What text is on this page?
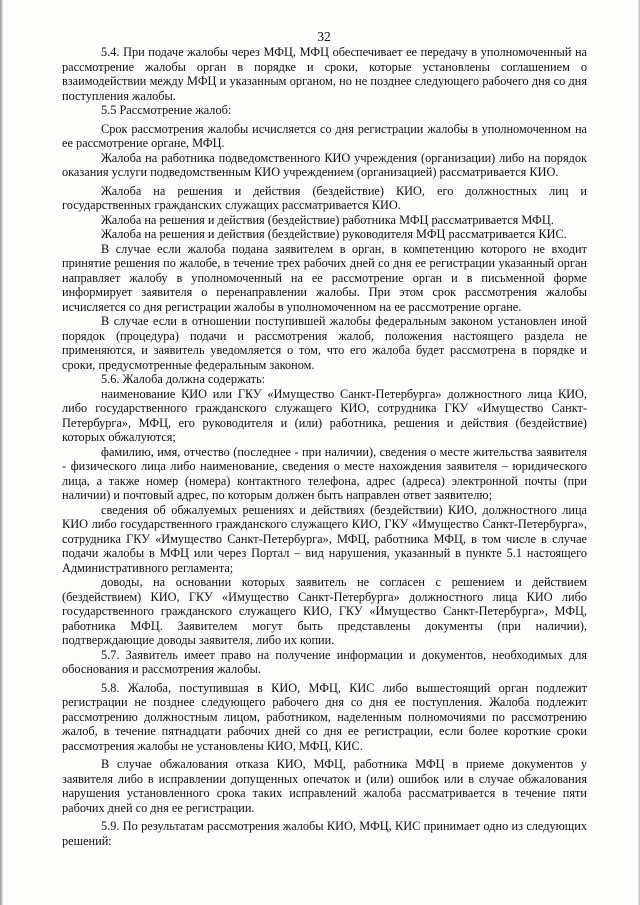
32

5.4. При подаче жалобы через МФЦ, МФЦ обеспечивает ее передачу в уполномоченный на рассмотрение жалобы орган в порядке и сроки, которые установлены соглашением о взаимодействии между МФЦ и указанным органом, но не позднее следующего рабочего дня со дня поступления жалобы.

5.5 Рассмотрение жалоб:

Срок рассмотрения жалобы исчисляется со дня регистрации жалобы в уполномоченном на ее рассмотрение органе, МФЦ.

Жалоба на работника подведомственного КИО учреждения (организации) либо на порядок оказания услуги подведомственным КИО учреждением (организацией) рассматривается КИО.

Жалоба на решения и действия (бездействие) КИО, его должностных лиц и государственных гражданских служащих рассматривается КИО.

Жалоба на решения и действия (бездействие) работника МФЦ рассматривается МФЦ.

Жалоба на решения и действия (бездействие) руководителя МФЦ рассматривается КИС.

В случае если жалоба подана заявителем в орган, в компетенцию которого не входит принятие решения по жалобе, в течение трех рабочих дней со дня ее регистрации указанный орган направляет жалобу в уполномоченный на ее рассмотрение орган и в письменной форме информирует заявителя о перенаправлении жалобы. При этом срок рассмотрения жалобы исчисляется со дня регистрации жалобы в уполномоченном на ее рассмотрение органе.

В случае если в отношении поступившей жалобы федеральным законом установлен иной порядок (процедура) подачи и рассмотрения жалоб, положения настоящего раздела не применяются, и заявитель уведомляется о том, что его жалоба будет рассмотрена в порядке и сроки, предусмотренные федеральным законом.

5.6. Жалоба должна содержать:

наименование КИО или ГКУ «Имущество Санкт-Петербурга» должностного лица КИО, либо государственного гражданского служащего КИО, сотрудника ГКУ «Имущество Санкт-Петербурга», МФЦ, его руководителя и (или) работника, решения и действия (бездействие) которых обжалуются;

фамилию, имя, отчество (последнее - при наличии), сведения о месте жительства заявителя - физического лица либо наименование, сведения о месте нахождения заявителя – юридического лица, а также номер (номера) контактного телефона, адрес (адреса) электронной почты (при наличии) и почтовый адрес, по которым должен быть направлен ответ заявителю;

сведения об обжалуемых решениях и действиях (бездействии) КИО, должностного лица КИО либо государственного гражданского служащего КИО, ГКУ «Имущество Санкт-Петербурга», сотрудника ГКУ «Имущество Санкт-Петербурга», МФЦ, работника МФЦ, в том числе в случае подачи жалобы в МФЦ или через Портал – вид нарушения, указанный в пункте 5.1 настоящего Административного регламента;

доводы, на основании которых заявитель не согласен с решением и действием (бездействием) КИО, ГКУ «Имущество Санкт-Петербурга» должностного лица КИО либо государственного гражданского служащего КИО, ГКУ «Имущество Санкт-Петербурга», МФЦ, работника МФЦ. Заявителем могут быть представлены документы (при наличии), подтверждающие доводы заявителя, либо их копии.

5.7. Заявитель имеет право на получение информации и документов, необходимых для обоснования и рассмотрения жалобы.

5.8. Жалоба, поступившая в КИО, МФЦ, КИС либо вышестоящий орган подлежит регистрации не позднее следующего рабочего дня со дня ее поступления. Жалоба подлежит рассмотрению должностным лицом, работником, наделенным полномочиями по рассмотрению жалоб, в течение пятнадцати рабочих дней со дня ее регистрации, если более короткие сроки рассмотрения жалобы не установлены КИО, МФЦ, КИС.

В случае обжалования отказа КИО, МФЦ, работника МФЦ в приеме документов у заявителя либо в исправлении допущенных опечаток и (или) ошибок или в случае обжалования нарушения установленного срока таких исправлений жалоба рассматривается в течение пяти рабочих дней со дня ее регистрации.

5.9. По результатам рассмотрения жалобы КИО, МФЦ, КИС принимает одно из следующих решений:
